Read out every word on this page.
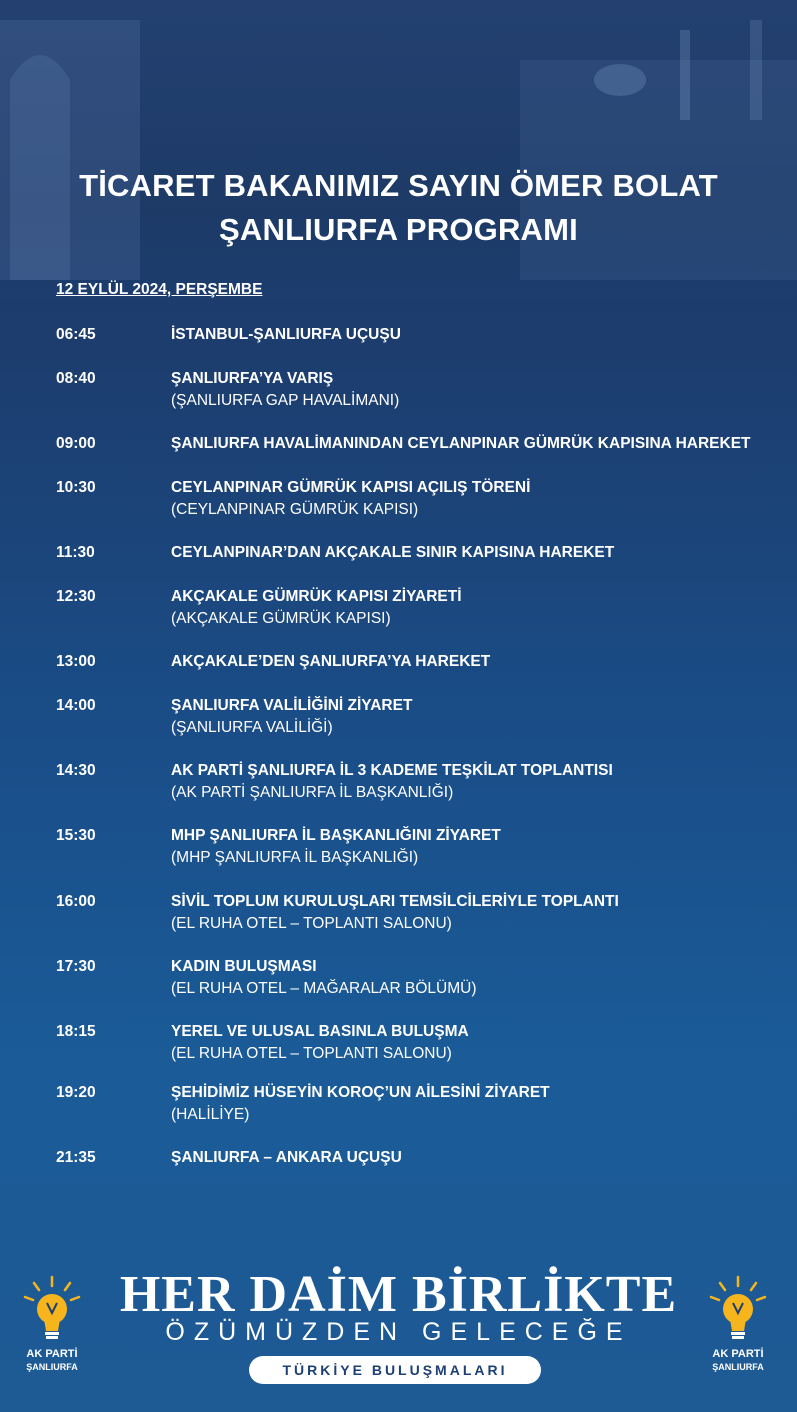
TİCARET BAKANIMIZ SAYIN ÖMER BOLAT
ŞANLIURFA PROGRAMI
12 EYLÜL 2024, PERŞEMBE
06:45	İSTANBUL-ŞANLIURFA UÇUŞU
08:40	ŞANLIURFA’YA VARIŞ
(ŞANLIURFA GAP HAVALİMANI)
09:00	ŞANLIURFA HAVALİMANINDAN CEYLANPINAR GÜMRÜK KAPISINA HAREKET
10:30	CEYLANPINAR GÜMRÜK KAPISI AÇILIŞ TÖRENİ
(CEYLANPINAR GÜMRÜK KAPISI)
11:30	CEYLANPINAR’DAN AKÇAKALE SINIR KAPISINA HAREKET
12:30	AKÇAKALE GÜMRÜK KAPISI ZİYARETİ
(AKÇAKALE GÜMRÜK KAPISI)
13:00	AKÇAKALE’DEN ŞANLIURFA’YA HAREKET
14:00	ŞANLIURFA VALİLİĞİNİ ZİYARET
(ŞANLIURFA VALİLİĞİ)
14:30	AK PARTİ ŞANLIURFA İL 3 KADEME TEŞKİLAT TOPLANTISI
(AK PARTİ ŞANLIURFA İL BAŞKANLIĞI)
15:30	MHP ŞANLIURFA İL BAŞKANLIĞINI ZİYARET
(MHP ŞANLIURFA İL BAŞKANLIĞI)
16:00	SİVİL TOPLUM KURULUŞLARI TEMSİLCİLERİYLE TOPLANTI
(EL RUHA OTEL – TOPLANTI SALONU)
17:30	KADIN BULUŞMASI
(EL RUHA OTEL – MAĞARALAR BÖLÜMÜ)
18:15	YEREL VE ULUSAL BASINLA BULUŞMA
(EL RUHA OTEL – TOPLANTI SALONU)
19:20	ŞEHİDİMİZ HÜSEYİN KOROÇ’UN AİLESİNİ ZİYARET
(HALİLİYE)
21:35	ŞANLIURFA – ANKARA UÇUŞU
HER DAİM BİRLİKTE
ÖZÜMÜZDEN GELECEĞE
TÜRKİYE BULUŞMALARI
AK PARTİ
ŞANLIURFA
AK PARTİ
ŞANLIURFA
